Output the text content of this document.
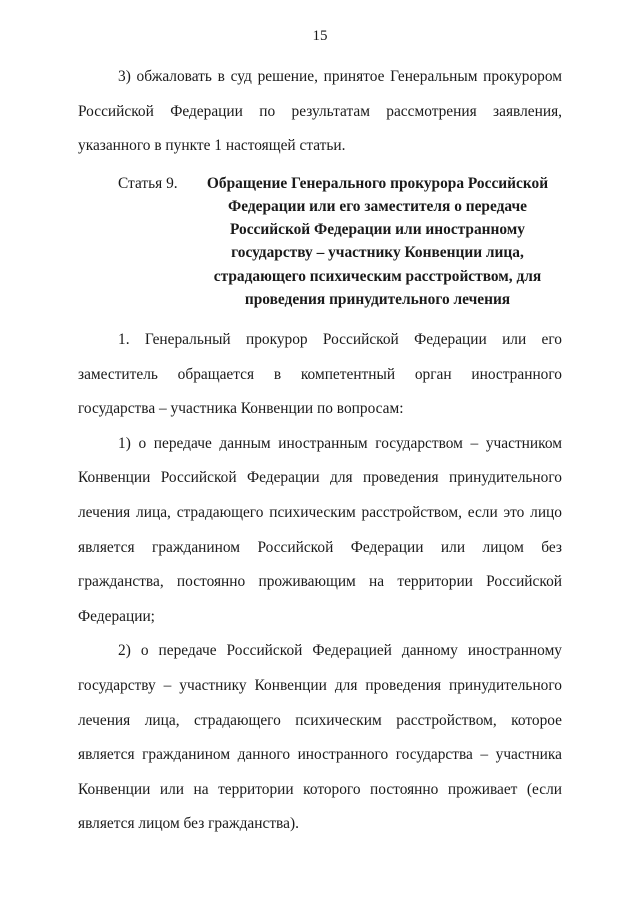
15

3) обжаловать в суд решение, принятое Генеральным прокурором Российской Федерации по результатам рассмотрения заявления, указанного в пункте 1 настоящей статьи.

Статья 9.	Обращение Генерального прокурора Российской Федерации или его заместителя о передаче Российской Федерации или иностранному государству – участнику Конвенции лица, страдающего психическим расстройством, для проведения принудительного лечения

1. Генеральный прокурор Российской Федерации или его заместитель обращается в компетентный орган иностранного государства – участника Конвенции по вопросам:

1) о передаче данным иностранным государством – участником Конвенции Российской Федерации для проведения принудительного лечения лица, страдающего психическим расстройством, если это лицо является гражданином Российской Федерации или лицом без гражданства, постоянно проживающим на территории Российской Федерации;

2) о передаче Российской Федерацией данному иностранному государству – участнику Конвенции для проведения принудительного лечения лица, страдающего психическим расстройством, которое является гражданином данного иностранного государства – участника Конвенции или на территории которого постоянно проживает (если является лицом без гражданства).
